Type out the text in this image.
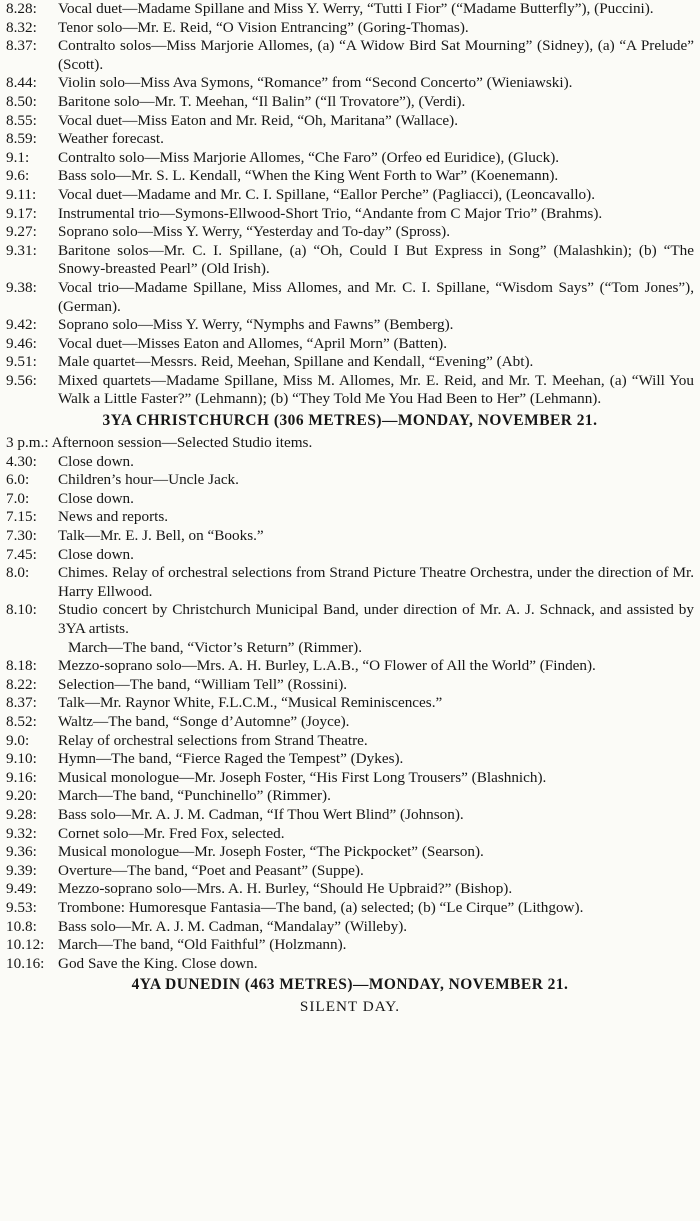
8.28:	Vocal duet—Madame Spillane and Miss Y. Werry, “Tutti I Fior” (“Madame Butterfly”), (Puccini).
8.32:	Tenor solo—Mr. E. Reid, “O Vision Entrancing” (Goring-Thomas).
8.37:	Contralto solos—Miss Marjorie Allomes, (a) “A Widow Bird Sat Mourning” (Sidney), (a) “A Prelude” (Scott).
8.44:	Violin solo—Miss Ava Symons, “Romance” from “Second Concerto” (Wieniawski).
8.50:	Baritone solo—Mr. T. Meehan, “Il Balin” (“Il Trovatore”), (Verdi).
8.55:	Vocal duet—Miss Eaton and Mr. Reid, “Oh, Maritana” (Wallace).
8.59:	Weather forecast.
9.1:	Contralto solo—Miss Marjorie Allomes, “Che Faro” (Orfeo ed Euridice), (Gluck).
9.6:	Bass solo—Mr. S. L. Kendall, “When the King Went Forth to War” (Koenemann).
9.11:	Vocal duet—Madame and Mr. C. I. Spillane, “Eallor Perche” (Pagliacci), (Leoncavallo).
9.17:	Instrumental trio—Symons-Ellwood-Short Trio, “Andante from C Major Trio” (Brahms).
9.27:	Soprano solo—Miss Y. Werry, “Yesterday and To-day” (Spross).
9.31:	Baritone solos—Mr. C. I. Spillane, (a) “Oh, Could I But Express in Song” (Malashkin); (b) “The Snowy-breasted Pearl” (Old Irish).
9.38:	Vocal trio—Madame Spillane, Miss Allomes, and Mr. C. I. Spillane, “Wisdom Says” (“Tom Jones”), (German).
9.42:	Soprano solo—Miss Y. Werry, “Nymphs and Fawns” (Bemberg).
9.46:	Vocal duet—Misses Eaton and Allomes, “April Morn” (Batten).
9.51:	Male quartet—Messrs. Reid, Meehan, Spillane and Kendall, “Evening” (Abt).
9.56:	Mixed quartets—Madame Spillane, Miss M. Allomes, Mr. E. Reid, and Mr. T. Meehan, (a) “Will You Walk a Little Faster?” (Lehmann); (b) “They Told Me You Had Been to Her” (Lehmann).
3YA CHRISTCHURCH (306 METRES)—MONDAY, NOVEMBER 21.
3 p.m.: Afternoon session—Selected Studio items.
4.30:	Close down.
6.0:	Children’s hour—Uncle Jack.
7.0:	Close down.
7.15:	News and reports.
7.30:	Talk—Mr. E. J. Bell, on “Books.”
7.45:	Close down.
8.0:	Chimes. Relay of orchestral selections from Strand Picture Theatre Orchestra, under the direction of Mr. Harry Ellwood.
8.10:	Studio concert by Christchurch Municipal Band, under direction of Mr. A. J. Schnack, and assisted by 3YA artists.
March—The band, “Victor’s Return” (Rimmer).
8.18:	Mezzo-soprano solo—Mrs. A. H. Burley, L.A.B., “O Flower of All the World” (Finden).
8.22:	Selection—The band, “William Tell” (Rossini).
8.37:	Talk—Mr. Raynor White, F.L.C.M., “Musical Reminiscences.”
8.52:	Waltz—The band, “Songe d’Automne” (Joyce).
9.0:	Relay of orchestral selections from Strand Theatre.
9.10:	Hymn—The band, “Fierce Raged the Tempest” (Dykes).
9.16:	Musical monologue—Mr. Joseph Foster, “His First Long Trousers” (Blashnich).
9.20:	March—The band, “Punchinello” (Rimmer).
9.28:	Bass solo—Mr. A. J. M. Cadman, “If Thou Wert Blind” (Johnson).
9.32:	Cornet solo—Mr. Fred Fox, selected.
9.36:	Musical monologue—Mr. Joseph Foster, “The Pickpocket” (Searson).
9.39:	Overture—The band, “Poet and Peasant” (Suppe).
9.49:	Mezzo-soprano solo—Mrs. A. H. Burley, “Should He Upbraid?” (Bishop).
9.53:	Trombone: Humoresque Fantasia—The band, (a) selected; (b) “Le Cirque” (Lithgow).
10.8:	Bass solo—Mr. A. J. M. Cadman, “Mandalay” (Willeby).
10.12: March—The band, “Old Faithful” (Holzmann).
10.16: God Save the King. Close down.
4YA DUNEDIN (463 METRES)—MONDAY, NOVEMBER 21.
SILENT DAY.
